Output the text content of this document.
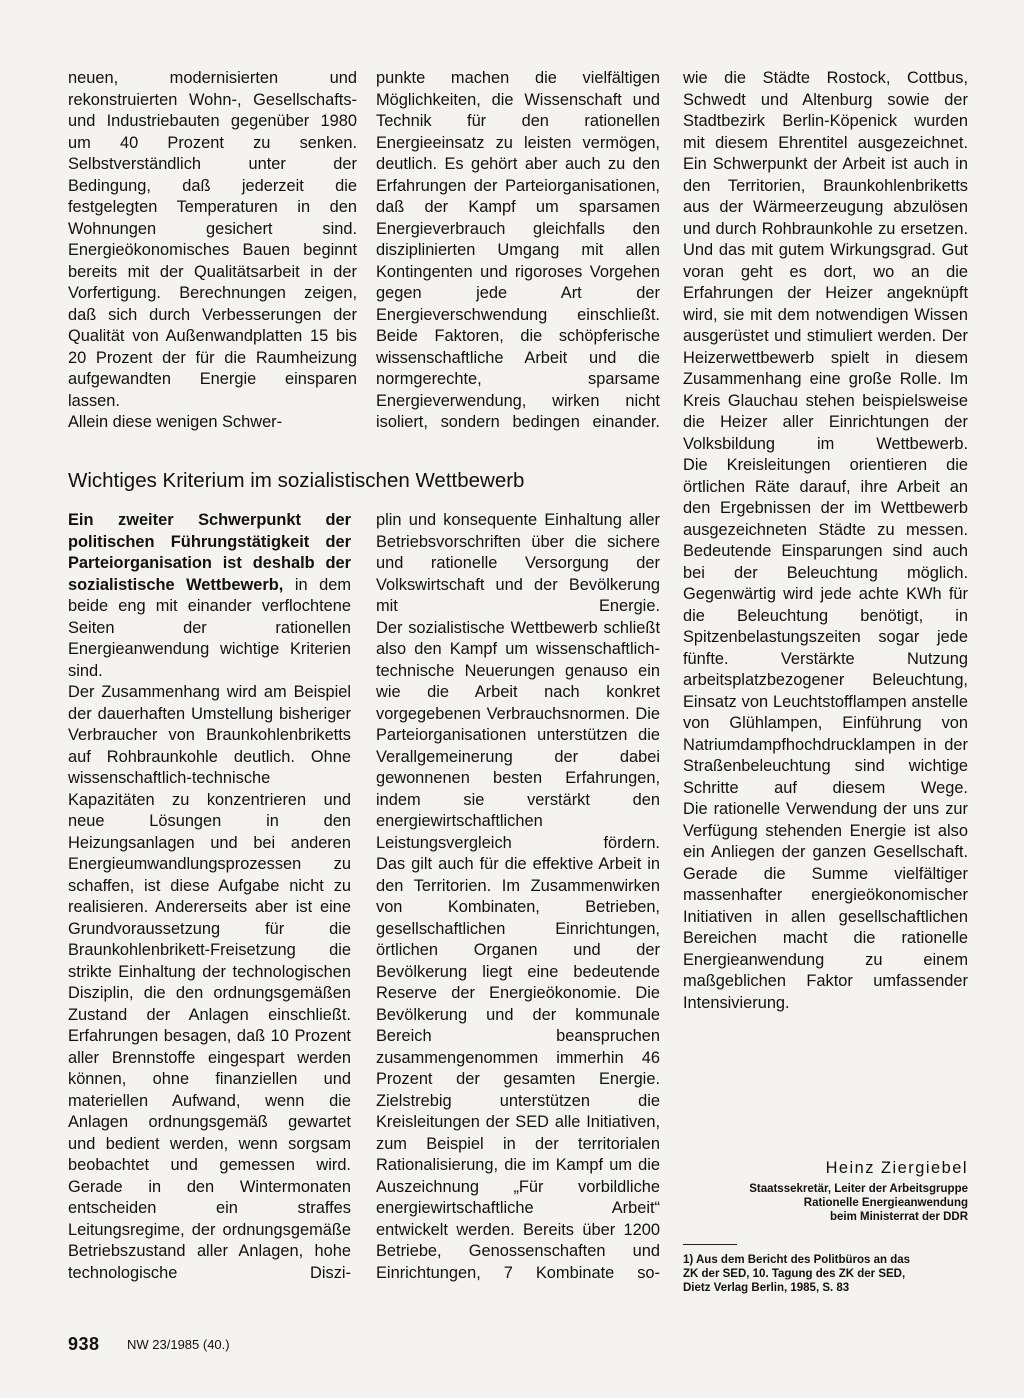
neuen, modernisierten und rekonstruierten Wohn-, Gesellschafts- und Industriebauten gegenüber 1980 um 40 Prozent zu senken. Selbstverständlich unter der Bedingung, daß jederzeit die festgelegten Temperaturen in den Wohnungen gesichert sind.

Energieökonomisches Bauen beginnt bereits mit der Qualitätsarbeit in der Vorfertigung. Berechnungen zeigen, daß sich durch Verbesserungen der Qualität von Außenwandplatten 15 bis 20 Prozent der für die Raumheizung aufgewandten Energie einsparen lassen.

Allein diese wenigen Schwer-

punkte machen die vielfältigen Möglichkeiten, die Wissenschaft und Technik für den rationellen Energieeinsatz zu leisten vermögen, deutlich. Es gehört aber auch zu den Erfahrungen der Parteiorganisationen, daß der Kampf um sparsamen Energieverbrauch gleichfalls den disziplinierten Umgang mit allen Kontingenten und rigoroses Vorgehen gegen jede Art der Energieverschwendung einschließt. Beide Faktoren, die schöpferische wissenschaftliche Arbeit und die normgerechte, sparsame Energieverwendung, wirken nicht isoliert, sondern bedingen einander.

Wichtiges Kriterium im sozialistischen Wettbewerb

Ein zweiter Schwerpunkt der politischen Führungstätigkeit der Parteiorganisation ist deshalb der sozialistische Wettbewerb, in dem beide eng mit einander verflochtene Seiten der rationellen Energieanwendung wichtige Kriterien sind.

Der Zusammenhang wird am Beispiel der dauerhaften Umstellung bisheriger Verbraucher von Braunkohlenbriketts auf Rohbraunkohle deutlich. Ohne wissenschaftlich-technische Kapazitäten zu konzentrieren und neue Lösungen in den Heizungsanlagen und bei anderen Energieumwandlungsprozessen zu schaffen, ist diese Aufgabe nicht zu realisieren. Andererseits aber ist eine Grundvoraussetzung für die Braunkohlenbrikett-Freisetzung die strikte Einhaltung der technologischen Disziplin, die den ordnungsgemäßen Zustand der Anlagen einschließt. Erfahrungen besagen, daß 10 Prozent aller Brennstoffe eingespart werden können, ohne finanziellen und materiellen Aufwand, wenn die Anlagen ordnungsgemäß gewartet und bedient werden, wenn sorgsam beobachtet und gemessen wird. Gerade in den Wintermonaten entscheiden ein straffes Leitungsregime, der ordnungsgemäße Betriebszustand aller Anlagen, hohe technologische Diszi-

plin und konsequente Einhaltung aller Betriebsvorschriften über die sichere und rationelle Versorgung der Volkswirtschaft und der Bevölkerung mit Energie.

Der sozialistische Wettbewerb schließt also den Kampf um wissenschaftlich-technische Neuerungen genauso ein wie die Arbeit nach konkret vorgegebenen Verbrauchsnormen. Die Parteiorganisationen unterstützen die Verallgemeinerung der dabei gewonnenen besten Erfahrungen, indem sie verstärkt den energiewirtschaftlichen Leistungsvergleich fördern.

Das gilt auch für die effektive Arbeit in den Territorien. Im Zusammenwirken von Kombinaten, Betrieben, gesellschaftlichen Einrichtungen, örtlichen Organen und der Bevölkerung liegt eine bedeutende Reserve der Energieökonomie. Die Bevölkerung und der kommunale Bereich beanspruchen zusammengenommen immerhin 46 Prozent der gesamten Energie. Zielstrebig unterstützen die Kreisleitungen der SED alle Initiativen, zum Beispiel in der territorialen Rationalisierung, die im Kampf um die Auszeichnung „Für vorbildliche energiewirtschaftliche Arbeit“ entwickelt werden. Bereits über 1200 Betriebe, Genossenschaften und Einrichtungen, 7 Kombinate so-

wie die Städte Rostock, Cottbus, Schwedt und Altenburg sowie der Stadtbezirk Berlin-Köpenick wurden mit diesem Ehrentitel ausgezeichnet.

Ein Schwerpunkt der Arbeit ist auch in den Territorien, Braunkohlenbriketts aus der Wärmeerzeugung abzulösen und durch Rohbraunkohle zu ersetzen. Und das mit gutem Wirkungsgrad. Gut voran geht es dort, wo an die Erfahrungen der Heizer angeknüpft wird, sie mit dem notwendigen Wissen ausgerüstet und stimuliert werden. Der Heizerwettbewerb spielt in diesem Zusammenhang eine große Rolle. Im Kreis Glauchau stehen beispielsweise die Heizer aller Einrichtungen der Volksbildung im Wettbewerb.

Die Kreisleitungen orientieren die örtlichen Räte darauf, ihre Arbeit an den Ergebnissen der im Wettbewerb ausgezeichneten Städte zu messen.

Bedeutende Einsparungen sind auch bei der Beleuchtung möglich. Gegenwärtig wird jede achte KWh für die Beleuchtung benötigt, in Spitzenbelastungszeiten sogar jede fünfte. Verstärkte Nutzung arbeitsplatzbezogener Beleuchtung, Einsatz von Leuchtstofflampen anstelle von Glühlampen, Einführung von Natriumdampfhochdrucklampen in der Straßenbeleuchtung sind wichtige Schritte auf diesem Wege.

Die rationelle Verwendung der uns zur Verfügung stehenden Energie ist also ein Anliegen der ganzen Gesellschaft. Gerade die Summe vielfältiger massenhafter energieökonomischer Initiativen in allen gesellschaftlichen Bereichen macht die rationelle Energieanwendung zu einem maßgeblichen Faktor umfassender Intensivierung.

Heinz Ziergiebel
Staatssekretär, Leiter der Arbeitsgruppe
Rationelle Energieanwendung
beim Ministerrat der DDR
1) Aus dem Bericht des Politbüros an das
ZK der SED, 10. Tagung des ZK der SED,
Dietz Verlag Berlin, 1985, S. 83
938 NW 23/1985 (40.)
